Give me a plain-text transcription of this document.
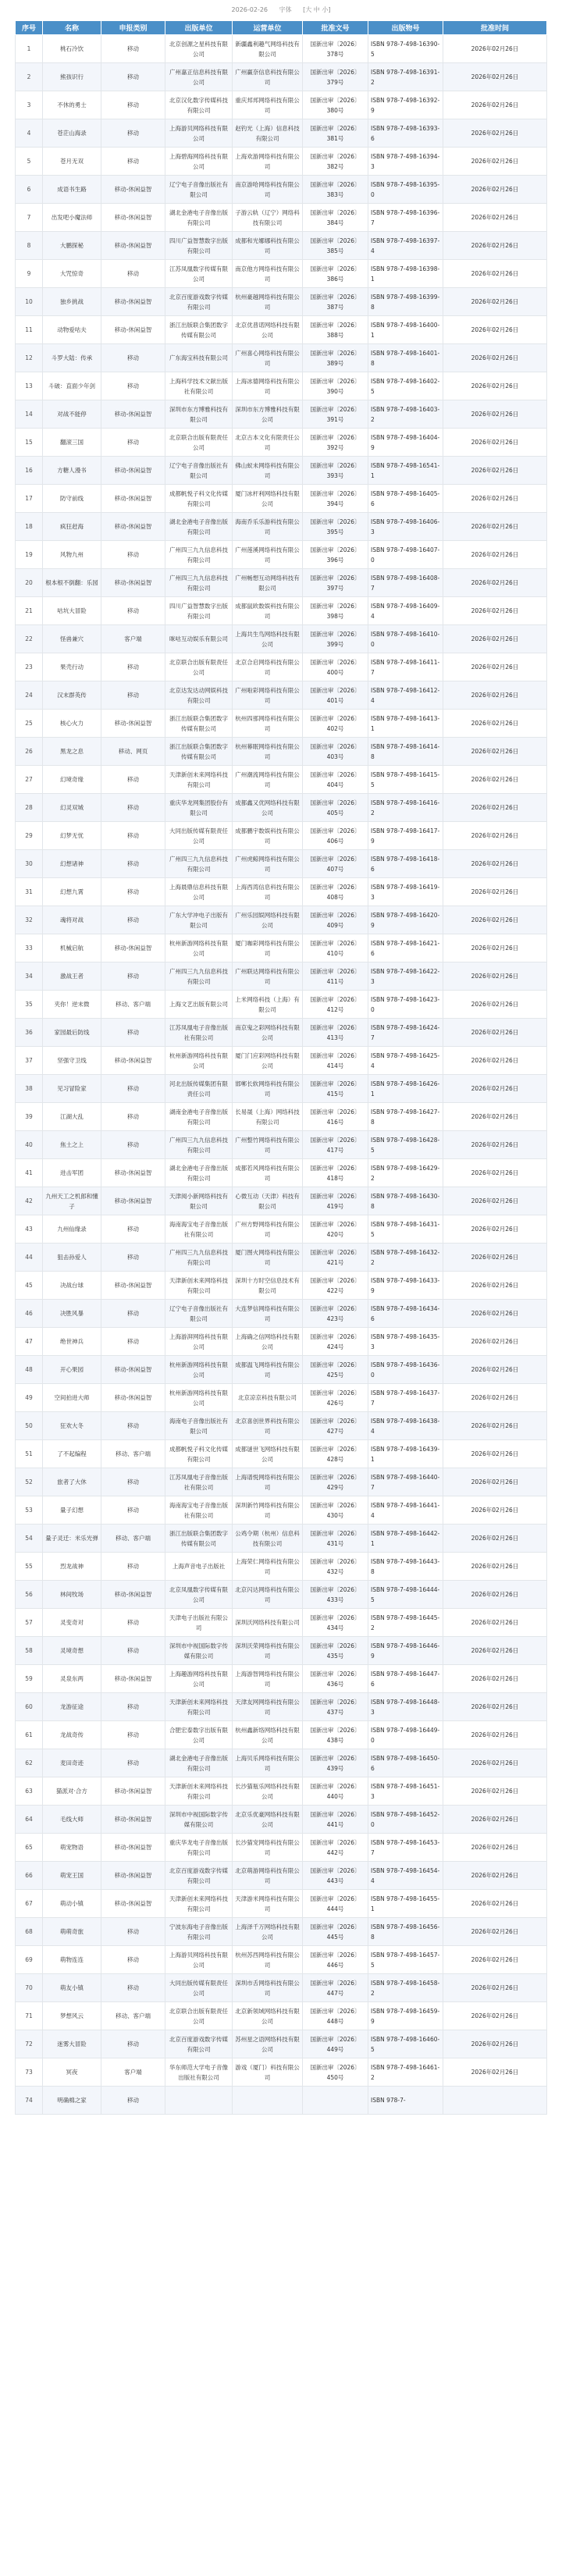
2026-02-26 字体 [大 中 小]
序号	名称	申报类别	出版单位	运营单位	批准文号	出版物号	批准时间
1	桃石冷饮	移动	北京创源之星科技有限公司	新疆鑫利趣气网络科技有限公司	国新出审〔2026〕378号	ISBN 978-7-498-16390-5	2026年02月26日
2	熊孩识行	移动	广州嘉正信息科技有限公司	广州赢奈信息科技有限公司	国新出审〔2026〕379号	ISBN 978-7-498-16391-2	2026年02月26日
3	不休的勇士	移动	北京汉化数字传媒科技有限公司	重庆邦邦网络科技有限公司	国新出审〔2026〕380号	ISBN 978-7-498-16392-9	2026年02月26日
4	苍茫山海录	移动	上海游贝网络科技有限公司	赵钓光（上海）信息科技有限公司	国新出审〔2026〕381号	ISBN 978-7-498-16393-6	2026年02月26日
5	苍月无双	移动	上海碧海网络科技有限公司	上海欢游网络科技有限公司	国新出审〔2026〕382号	ISBN 978-7-498-16394-3	2026年02月26日
6	成语书生路	移动-休闲益智	辽宁电子音像出版社有限公司	南京游哈网络科技有限公司	国新出审〔2026〕383号	ISBN 978-7-498-16395-0	2026年02月26日
7	出发吧小魔法师	移动-休闲益智	湖北金港电子音像出版有限公司	子游云轨（辽宁）网络科技有限公司	国新出审〔2026〕384号	ISBN 978-7-498-16396-7	2026年02月26日
8	大鹏探秘	移动-休闲益智	四川广益智慧数字出版有限公司	成都和光娜娜科技有限公司	国新出审〔2026〕385号	ISBN 978-7-498-16397-4	2026年02月26日
9	大咒惊奇	移动	江苏凤凰数字传媒有限公司	南京他方网络科技有限公司	国新出审〔2026〕386号	ISBN 978-7-498-16398-1	2026年02月26日
10	独乡挑战	移动-休闲益智	北京百度游戏数字传媒有限公司	杭州豪越网络科技有限公司	国新出审〔2026〕387号	ISBN 978-7-498-16399-8	2026年02月26日
11	动物爱咕夫	移动-休闲益智	浙江出版联合集团数字传媒有限公司	北京优普诺网络科技有限公司	国新出审〔2026〕388号	ISBN 978-7-498-16400-1	2026年02月26日
12	斗罗大陆：传承	移动	广东海宝科技有限公司	广州喜心网络科技有限公司	国新出审〔2026〕389号	ISBN 978-7-498-16401-8	2026年02月26日
13	斗破：直面少年剑	移动	上海科学技术文献出版社有限公司	上海冰德网络科技有限公司	国新出审〔2026〕390号	ISBN 978-7-498-16402-5	2026年02月26日
14	对战不能停	移动-休闲益智	深圳市东方博雅科技有限公司	深圳市东方博雅科技有限公司	国新出审〔2026〕391号	ISBN 978-7-498-16403-2	2026年02月26日
15	翻滚三国	移动	北京联合出版有限责任公司	北京古本文化有限责任公司	国新出审〔2026〕392号	ISBN 978-7-498-16404-9	2026年02月26日
16	方糖人漫书	移动-休闲益智	辽宁电子音像出版社有限公司	佛山蚁未网络科技有限公司	国新出审〔2026〕393号	ISBN 978-7-498-16541-1	2026年02月26日
17	防守前线	移动-休闲益智	成都帆悦子科文化传媒有限公司	厦门冰杆利网络科技有限公司	国新出审〔2026〕394号	ISBN 978-7-498-16405-6	2026年02月26日
18	疯狂赶海	移动-休闲益智	湖北金港电子音像出版有限公司	海南乔乐乐游科技有限公司	国新出审〔2026〕395号	ISBN 978-7-498-16406-3	2026年02月26日
19	风物九州	移动	广州四三九九信息科技有限公司	广州莲溪网络科技有限公司	国新出审〔2026〕396号	ISBN 978-7-498-16407-0	2026年02月26日
20	根本根不倒翻：乐园	移动-休闲益智	广州四三九九信息科技有限公司	广州畅想互动网络科技有限公司	国新出审〔2026〕397号	ISBN 978-7-498-16408-7	2026年02月26日
21	咕坑大冒险	移动	四川广益智慧数字出版有限公司	成都鼠欧数娱科技有限公司	国新出审〔2026〕398号	ISBN 978-7-498-16409-4	2026年02月26日
22	怪兽兼穴	客户端	咪咕互动娱乐有限公司	上海共生鸟网络科技有限公司	国新出审〔2026〕399号	ISBN 978-7-498-16410-0	2026年02月26日
23	果壳行动	移动	北京联合出版有限责任公司	北京合启网络科技有限公司	国新出审〔2026〕400号	ISBN 978-7-498-16411-7	2026年02月26日
24	汉末群英传	移动	北京达发达动网娱科技有限公司	广州啦彩网络科技有限公司	国新出审〔2026〕401号	ISBN 978-7-498-16412-4	2026年02月26日
25	核心火力	移动-休闲益智	浙江出版联合集团数字传媒有限公司	杭州四那网络科技有限公司	国新出审〔2026〕402号	ISBN 978-7-498-16413-1	2026年02月26日
26	黑龙之息	移动、网页	浙江出版联合集团数字传媒有限公司	杭州幕眠网络科技有限公司	国新出审〔2026〕403号	ISBN 978-7-498-16414-8	2026年02月26日
27	幻境奇缘	移动	天津新创未来网络科技有限公司	广州潮流网络科技有限公司	国新出审〔2026〕404号	ISBN 978-7-498-16415-5	2026年02月26日
28	幻灵双城	移动	重庆华龙网集团股份有限公司	成都鑫又优网络科技有限公司	国新出审〔2026〕405号	ISBN 978-7-498-16416-2	2026年02月26日
29	幻梦无忧	移动	大同出版传媒有限责任公司	成都鹏宇数娱科技有限公司	国新出审〔2026〕406号	ISBN 978-7-498-16417-9	2026年02月26日
30	幻想诸神	移动	广州四三九九信息科技有限公司	广州虎鲸网络科技有限公司	国新出审〔2026〕407号	ISBN 978-7-498-16418-6	2026年02月26日
31	幻想九霄	移动	上海晨鼎信息科技有限公司	上海西湾信息科技有限公司	国新出审〔2026〕408号	ISBN 978-7-498-16419-3	2026年02月26日
32	魂将对战	移动	广东大学冲电子出版有限公司	广州乐园娱网络科技有限公司	国新出审〔2026〕409号	ISBN 978-7-498-16420-9	2026年02月26日
33	机械启航	移动-休闲益智	杭州新游网络科技有限公司	厦门咖彩网络科技有限公司	国新出审〔2026〕410号	ISBN 978-7-498-16421-6	2026年02月26日
34	激战王者	移动	广州四三九九信息科技有限公司	广州联达网络科技有限公司	国新出审〔2026〕411号	ISBN 978-7-498-16422-3	2026年02月26日
35	夹你！逆末微	移动、客户端	上海文艺出版有限公司	上米网络科技（上海）有限公司	国新出审〔2026〕412号	ISBN 978-7-498-16423-0	2026年02月26日
36	家园最后防线	移动	江苏凤凰电子音像出版社有限公司	南京鬼之彩网络科技有限公司	国新出审〔2026〕413号	ISBN 978-7-498-16424-7	2026年02月26日
37	坚强守卫线	移动-休闲益智	杭州新游网络科技有限公司	厦门门应彩网络科技有限公司	国新出审〔2026〕414号	ISBN 978-7-498-16425-4	2026年02月26日
38	见习冒险家	移动	河北出版传媒集团有限责任公司	邯郸长软网络科技有限公司	国新出审〔2026〕415号	ISBN 978-7-498-16426-1	2026年02月26日
39	江湖大乱	移动	湖南金港电子音像出版有限公司	长易晟（上海）网络科技有限公司	国新出审〔2026〕416号	ISBN 978-7-498-16427-8	2026年02月26日
40	焦土之上	移动	广州四三九九信息科技有限公司	广州整竹网络科技有限公司	国新出审〔2026〕417号	ISBN 978-7-498-16428-5	2026年02月26日
41	进击军团	移动-休闲益智	湖北金港电子音像出版有限公司	成都若风网络科技有限公司	国新出审〔2026〕418号	ISBN 978-7-498-16429-2	2026年02月26日
42	九州天工之机郎和懂子	移动-休闲益智	天津阅小新网络科技有限公司	心微互动（天津）科技有限公司	国新出审〔2026〕419号	ISBN 978-7-498-16430-8	2026年02月26日
43	九州仙缘录	移动	海南海宝电子音像出版社有限公司	广州方野网络科技有限公司	国新出审〔2026〕420号	ISBN 978-7-498-16431-5	2026年02月26日
44	狙击孙爱人	移动	广州四三九九信息科技有限公司	厦门图火网络科技有限公司	国新出审〔2026〕421号	ISBN 978-7-498-16432-2	2026年02月26日
45	决战台球	移动-休闲益智	天津新创未来网络科技有限公司	深圳十方时空信息技术有限公司	国新出审〔2026〕422号	ISBN 978-7-498-16433-9	2026年02月26日
46	决胜风暴	移动	辽宁电子音像出版社有限公司	大连梦信网络科技有限公司	国新出审〔2026〕423号	ISBN 978-7-498-16434-6	2026年02月26日
47	绝世神兵	移动	上海游湃网络科技有限公司	上海确之信网络科技有限公司	国新出审〔2026〕424号	ISBN 978-7-498-16435-3	2026年02月26日
48	开心果园	移动-休闲益智	杭州新游网络科技有限公司	成都温飞网络科技有限公司	国新出审〔2026〕425号	ISBN 978-7-498-16436-0	2026年02月26日
49	空间拍进大师	移动-休闲益智	杭州新游网络科技有限公司	北京凉京科技有限公司	国新出审〔2026〕426号	ISBN 978-7-498-16437-7	2026年02月26日
50	狂欢大冬	移动	海南电子音像出版社有限公司	北京喜创世界科技有限公司	国新出审〔2026〕427号	ISBN 978-7-498-16438-4	2026年02月26日
51	了不起编程	移动、客户端	成都帆悦子科文化传媒有限公司	成都谜世飞网络科技有限公司	国新出审〔2026〕428号	ISBN 978-7-498-16439-1	2026年02月26日
52	旅者了大休	移动	江苏凤凰电子音像出版社有限公司	上海谱悦网络科技有限公司	国新出审〔2026〕429号	ISBN 978-7-498-16440-7	2026年02月26日
53	量子幻想	移动	海南海宝电子音像出版社有限公司	深圳新竹网络科技有限公司	国新出审〔2026〕430号	ISBN 978-7-498-16441-4	2026年02月26日
54	量子灵迁：米乐光弹	移动、客户端	浙江出版联合集团数字传媒有限公司	公鸡令期（杭州）信息科技有限公司	国新出审〔2026〕431号	ISBN 978-7-498-16442-1	2026年02月26日
55	烈龙战神	移动	上海声音电子出版社	上海荣仁网络科技有限公司	国新出审〔2026〕432号	ISBN 978-7-498-16443-8	2026年02月26日
56	林间牧场	移动-休闲益智	北京凤凰数字传媒有限公司	北京闪达网络科技有限公司	国新出审〔2026〕433号	ISBN 978-7-498-16444-5	2026年02月26日
57	灵变奇对	移动	天津电子出版社有限公司	深圳沃网络科技有限公司	国新出审〔2026〕434号	ISBN 978-7-498-16445-2	2026年02月26日
58	灵境奇想	移动	深圳市中视国际数字传媒有限公司	深圳沃荣网络科技有限公司	国新出审〔2026〕435号	ISBN 978-7-498-16446-9	2026年02月26日
59	灵泉东两	移动-休闲益智	上海趣游网络科技有限公司	上海游智网络科技有限公司	国新出审〔2026〕436号	ISBN 978-7-498-16447-6	2026年02月26日
60	龙游征途	移动	天津新创未来网络科技有限公司	天津友网网络科技有限公司	国新出审〔2026〕437号	ISBN 978-7-498-16448-3	2026年02月26日
61	龙战奇传	移动	合肥宏泰数字出版有限公司	杭州鑫新络网络科技有限公司	国新出审〔2026〕438号	ISBN 978-7-498-16449-0	2026年02月26日
62	麦田奇迹	移动	湖北金港电子音像出版有限公司	上海贝乐网络科技有限公司	国新出审〔2026〕439号	ISBN 978-7-498-16450-6	2026年02月26日
63	猫派对·合方	移动-休闲益智	天津新创未来网络科技有限公司	长沙猫瓶乐网络科技有限公司	国新出审〔2026〕440号	ISBN 978-7-498-16451-3	2026年02月26日
64	毛线大师	移动-休闲益智	深圳市中视国际数字传媒有限公司	北京乐优豪网络科技有限公司	国新出审〔2026〕441号	ISBN 978-7-498-16452-0	2026年02月26日
65	萌宠物语	移动-休闲益智	重庆华龙电子音像出版有限公司	长沙猫宠网络科技有限公司	国新出审〔2026〕442号	ISBN 978-7-498-16453-7	2026年02月26日
66	萌宠王国	移动-休闲益智	北京百度游戏数字传媒有限公司	北京萌游网络科技有限公司	国新出审〔2026〕443号	ISBN 978-7-498-16454-4	2026年02月26日
67	萌动小镇	移动-休闲益智	天津新创未来网络科技有限公司	天津游米网络科技有限公司	国新出审〔2026〕444号	ISBN 978-7-498-16455-1	2026年02月26日
68	萌萌奇旅	移动	宁波东海电子音像出版有限公司	上海泽千万网络科技有限公司	国新出审〔2026〕445号	ISBN 978-7-498-16456-8	2026年02月26日
69	萌物连连	移动	上海游贝网络科技有限公司	杭州苏西网络科技有限公司	国新出审〔2026〕446号	ISBN 978-7-498-16457-5	2026年02月26日
70	萌友小镇	移动	大同出版传媒有限责任公司	深圳市舌网络科技有限公司	国新出审〔2026〕447号	ISBN 978-7-498-16458-2	2026年02月26日
71	梦想风云	移动、客户端	北京联合出版有限责任公司	北京新领域网络科技有限公司	国新出审〔2026〕448号	ISBN 978-7-498-16459-9	2026年02月26日
72	迷雾大冒险	移动	北京百度游戏数字传媒有限公司	苏州星之语网络科技有限公司	国新出审〔2026〕449号	ISBN 978-7-498-16460-5	2026年02月26日
73	冥夜	客户端	华东师范大学电子音像出版社有限公司	游戏（厦门）科技有限公司	国新出审〔2026〕450号	ISBN 978-7-498-16461-2	2026年02月26日
74	明确棉之家	移动				ISBN 978-7-	
